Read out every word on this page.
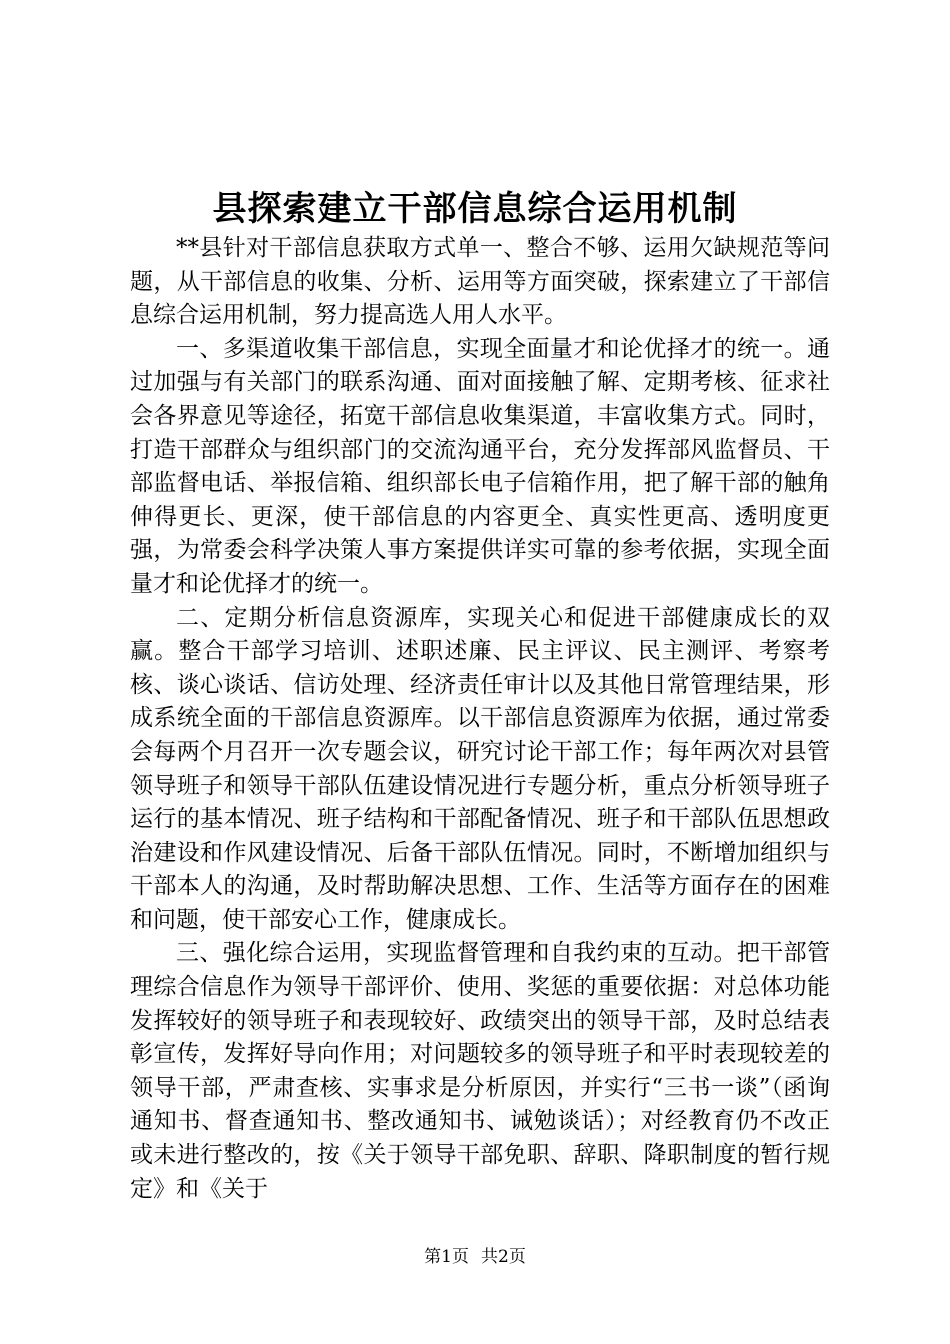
县探索建立干部信息综合运用机制

**县针对干部信息获取方式单一、整合不够、运用欠缺规范等问题，从干部信息的收集、分析、运用等方面突破，探索建立了干部信息综合运用机制，努力提高选人用人水平。

一、多渠道收集干部信息，实现全面量才和论优择才的统一。通过加强与有关部门的联系沟通、面对面接触了解、定期考核、征求社会各界意见等途径，拓宽干部信息收集渠道，丰富收集方式。同时，打造干部群众与组织部门的交流沟通平台，充分发挥部风监督员、干部监督电话、举报信箱、组织部长电子信箱作用，把了解干部的触角伸得更长、更深，使干部信息的内容更全、真实性更高、透明度更强，为常委会科学决策人事方案提供详实可靠的参考依据，实现全面量才和论优择才的统一。

二、定期分析信息资源库，实现关心和促进干部健康成长的双赢。整合干部学习培训、述职述廉、民主评议、民主测评、考察考核、谈心谈话、信访处理、经济责任审计以及其他日常管理结果，形成系统全面的干部信息资源库。以干部信息资源库为依据，通过常委会每两个月召开一次专题会议，研究讨论干部工作；每年两次对县管领导班子和领导干部队伍建设情况进行专题分析，重点分析领导班子运行的基本情况、班子结构和干部配备情况、班子和干部队伍思想政治建设和作风建设情况、后备干部队伍情况。同时，不断增加组织与干部本人的沟通，及时帮助解决思想、工作、生活等方面存在的困难和问题，使干部安心工作，健康成长。

三、强化综合运用，实现监督管理和自我约束的互动。把干部管理综合信息作为领导干部评价、使用、奖惩的重要依据：对总体功能发挥较好的领导班子和表现较好、政绩突出的领导干部，及时总结表彰宣传，发挥好导向作用；对问题较多的领导班子和平时表现较差的领导干部，严肃查核、实事求是分析原因，并实行“三书一谈”（函询通知书、督查通知书、整改通知书、诫勉谈话）；对经教育仍不改正或未进行整改的，按《关于领导干部免职、辞职、降职制度的暂行规定》和《关于

第1页 共2页
